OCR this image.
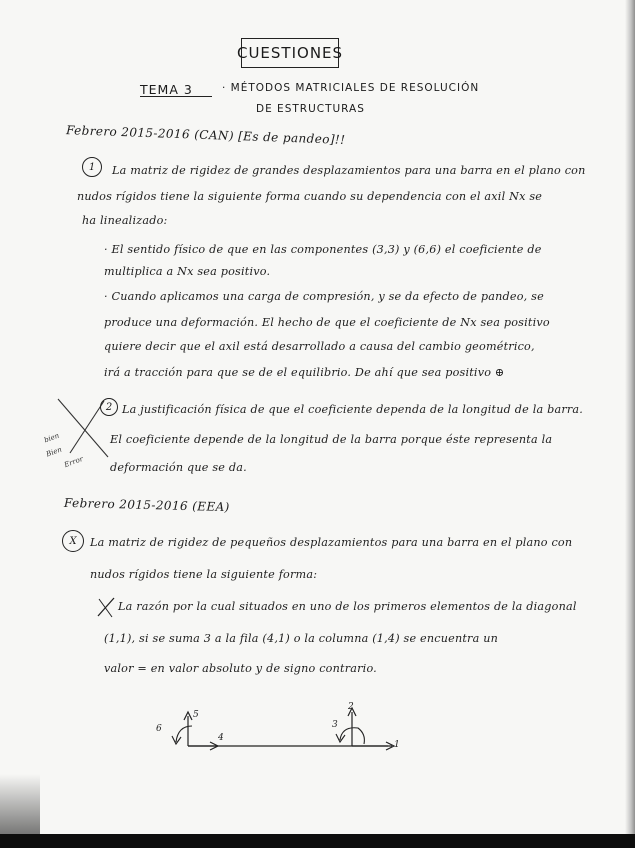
CUESTIONES
TEMA 3	· MÉTODOS MATRICIALES DE RESOLUCIÓN
DE ESTRUCTURAS
Febrero 2015-2016 (CAN) [Es de pandeo]!!
1	La matriz de rigidez de grandes desplazamientos para una barra en el plano con
nudos rígidos tiene la siguiente forma cuando su dependencia con el axil Nx se
ha linealizado:
· El sentido físico de que en las componentes (3,3) y (6,6) el coeficiente de
multiplica a Nx sea positivo.
· Cuando aplicamos una carga de compresión, y se da efecto de pandeo, se
produce una deformación. El hecho de que el coeficiente de Nx sea positivo
quiere decir que el axil está desarrollado a causa del cambio geométrico,
irá a tracción para que se de el equilibrio. De ahí que sea positivo ⊕
bien
Bien
Error
2 La justificación física de que el coeficiente dependa de la longitud de la barra.
El coeficiente depende de la longitud de la barra porque éste representa la
deformación que se da.
Febrero 2015-2016 (EEA)
X	La matriz de rigidez de pequeños desplazamientos para una barra en el plano con
nudos rígidos tiene la siguiente forma:
La razón por la cual situados en uno de los primeros elementos de la diagonal
(1,1), si se suma 3 a la fila (4,1) o la columna (1,4) se encuentra un
valor = en valor absoluto y de signo contrario.
5
6
4
2
3
1
